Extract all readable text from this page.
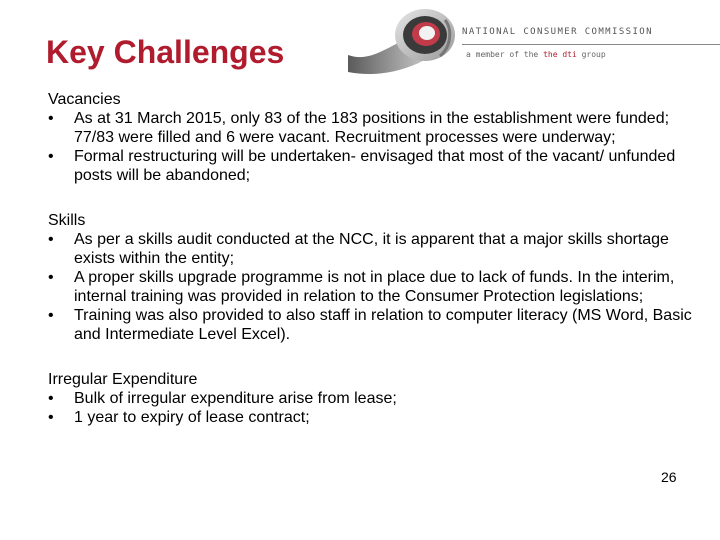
Key Challenges
NATIONAL CONSUMER COMMISSION
a member of the the dti group

Vacancies

• As at 31 March 2015, only 83 of the 183 positions in the establishment were funded; 77/83 were filled and 6 were vacant. Recruitment processes were underway;
• Formal restructuring will be undertaken- envisaged that most of the vacant/ unfunded posts will be abandoned;

Skills

• As per a skills audit conducted at the NCC, it is apparent that a major skills shortage exists within the entity;
• A proper skills upgrade programme is not in place due to lack of funds. In the interim, internal training was provided in relation to the Consumer Protection legislations;
• Training was also provided to also staff in relation to computer literacy (MS Word, Basic and Intermediate Level Excel).

Irregular Expenditure

• Bulk of irregular expenditure arise from lease;
• 1 year to expiry of lease contract;
26
